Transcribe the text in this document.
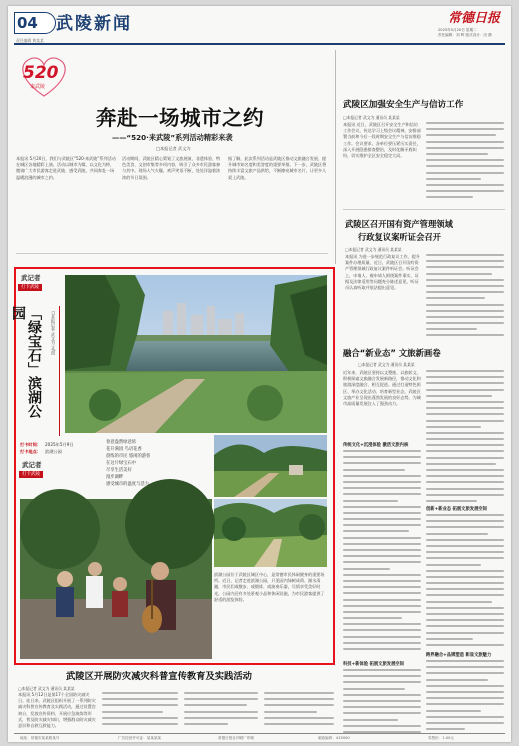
04 武陵新闻
责任编辑 黄某某
常德日报
2025年5月20日 星期二
责任编辑：刘 晖 版式设计：田 静
520
来武陵
奔赴一场城市之约
——“520·来武陵”系列活动精彩来袭
□本报记者 武文为
本报讯 5月20日，我们与武陵区“520·来武陵”系列活动在城区各地精彩上演。活动以城市为媒、以文化为桥，邀请广大市民游客走进武陵、感受武陵，共同奔赴一场温暖浪漫的城市之约。
活动期间，武陵区精心策划了文旅展演、非遗体验、特色美食、文创市集等多项内容，吸引了众多市民游客参与其中。现场人气火爆，欢声笑语不断，处处洋溢着浓浓的节日氛围。
据了解，此次系列活动是武陵区推动文旅融合发展、提升城市知名度和美誉度的重要举措。下一步，武陵区将持续丰富文旅产品供给，不断擦亮城市名片，让更多人爱上武陵。
武陵区加强安全生产与信访工作
□本报记者 武文为 通讯员 某某某
本报讯 近日，武陵区召开安全生产和信访工作会议，传达学习上级会议精神，安排部署当前和今后一段时期安全生产与信访维稳工作。会议要求，各单位要压紧压实责任，深入开展隐患排查整治，及时化解矛盾纠纷，切实维护全区安全稳定大局。
武陵区召开国有资产管理领域
行政复议案听证会召开
□本报记者 武文为 通讯员 某某某
本报讯 为进一步规范行政复议工作，提升案件办理质量，近日，武陵区召开国有资产管理领域行政复议案件听证会。听证会上，申请人、被申请人围绕案件事实、证据及法律适用等问题充分陈述意见，听证员认真听取并依法提出意见。
武记者
打卡武陵
「绿宝石」滨湖公园	□本报记者 武文为 文/图
打卡时间： 2025年5月9日
打卡地点： 滨湖公园
春意盎然绿意浓
花开满园 鸟语花香
晨练的市民 悠闲的游客
在这片绿宝石中
尽享生活美好
漫步湖畔
感受城市的温度与活力
武记者
打卡武陵
滨湖公园位于武陵区城区中心，是常德市民休闲健身的重要场所。近日，记者走进滨湖公园，只见园内绿树成荫、湖水清澈，市民们或散步、或锻炼、或演奏乐器，尽情享受美好时光。公园内还有多处景观小品和休闲设施，为市民游客提供了舒适的游览体验。
融合“新业态” 文旅新画卷
□本报记者 武文为 通讯员 某某某
近年来，武陵区坚持以文塑旅、以旅彰文，积极探索文旅融合发展新路径，推动文化和旅游深度融合、相互促进。通过打造特色街区、举办文化活动、培育新型业态，武陵区文旅产业呈现出蓬勃发展的良好态势，为城市高质量发展注入了强劲动力。
传统文化+沉浸体验 激活文旅内核
创新+新业态 拓展文旅发展空间
科技+新体验 拓展文旅发展空间
跨界融合+品牌塑造 彰显文旅魅力
武陵区开展防灾减灾科普宣传教育及实践活动
□本报记者 武文为 通讯员 某某某
本报讯 5月12日是第17个全国防灾减灾日。连日来，武陵区组织开展了一系列防灾减灾科普宣传教育及实践活动，通过设置咨询台、发放宣传资料、开展应急演练等形式，普及防灾减灾知识，增强群众防灾减灾意识和自救互救能力。
地址：常德市某某路某号	广告经营许可证：某某某某	常德日报社印刷厂印刷	邮政编码：415000	零售价：1.00元
